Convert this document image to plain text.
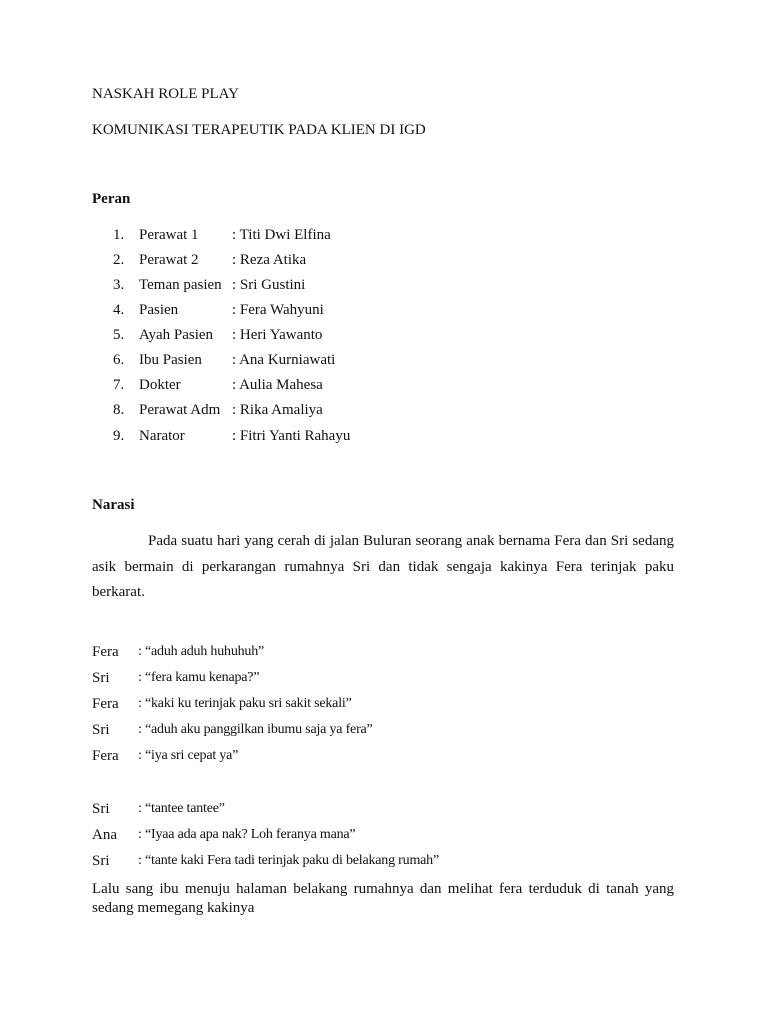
NASKAH ROLE PLAY
KOMUNIKASI TERAPEUTIK PADA KLIEN DI IGD
Peran
1. Perawat 1 : Titi Dwi Elfina
2. Perawat 2 : Reza Atika
3. Teman pasien : Sri Gustini
4. Pasien	: Fera Wahyuni
5. Ayah Pasien : Heri Yawanto
6. Ibu Pasien : Ana Kurniawati
7. Dokter	: Aulia Mahesa
8. Perawat Adm : Rika Amaliya
9. Narator	: Fitri Yanti Rahayu
Narasi
Pada suatu hari yang cerah di jalan Buluran seorang anak bernama Fera dan Sri sedang asik bermain di perkarangan rumahnya Sri dan tidak sengaja kakinya Fera terinjak paku berkarat.
Fera : “aduh aduh huhuhuh”
Sri : “fera kamu kenapa?”
Fera : “kaki ku terinjak paku sri sakit sekali”
Sri : “aduh aku panggilkan ibumu saja ya fera”
Fera : “iya sri cepat ya”
Sri : “tantee tantee”
Ana : “Iyaa ada apa nak? Loh feranya mana”
Sri : “tante kaki Fera tadi terinjak paku di belakang rumah”
Lalu sang ibu menuju halaman belakang rumahnya dan melihat fera terduduk di tanah yang sedang memegang kakinya
